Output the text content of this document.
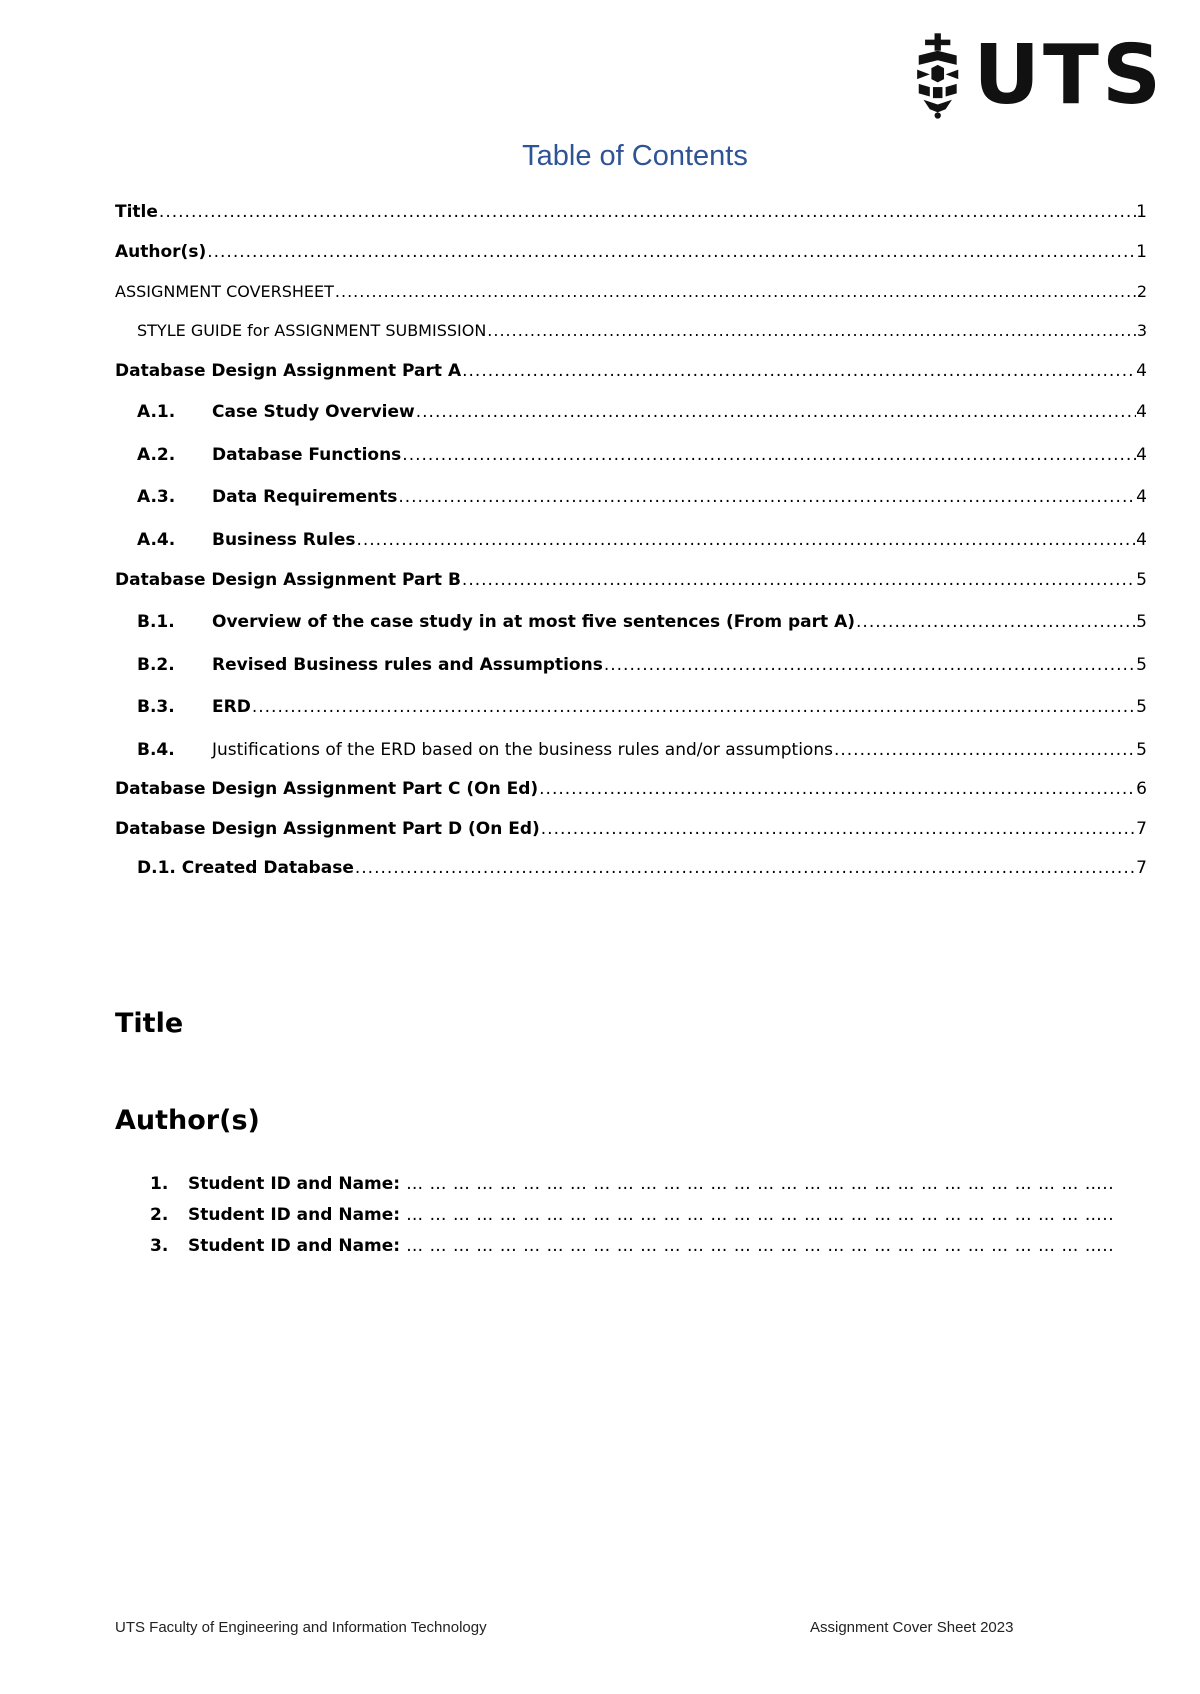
UTS
Table of Contents
Title .....	1
Author(s) .....	1
ASSIGNMENT COVERSHEET .....	2
STYLE GUIDE for ASSIGNMENT SUBMISSION .....	3
Database Design Assignment Part A .....	4
A.1.	Case Study Overview .....	4
A.2.	Database Functions .....	4
A.3.	Data Requirements .....	4
A.4.	Business Rules .....	4
Database Design Assignment Part B .....	5
B.1.	Overview of the case study in at most five sentences (From part A) .....	5
B.2.	Revised Business rules and Assumptions .....	5
B.3.	ERD .....	5
B.4.	Justifications of the ERD based on the business rules and/or assumptions .....	5
Database Design Assignment Part C (On Ed) .....	6
Database Design Assignment Part D (On Ed) .....	7
D.1. Created Database .....	7
Title
Author(s)
1.	Student ID and Name: … … … … … … … … … … … … … … … … … … … … … … … … … … … … … …..
2.	Student ID and Name: … … … … … … … … … … … … … … … … … … … … … … … … … … … … … …..
3.	Student ID and Name: … … … … … … … … … … … … … … … … … … … … … … … … … … … … … …..
UTS Faculty of Engineering and Information Technology	Assignment Cover Sheet 2023
